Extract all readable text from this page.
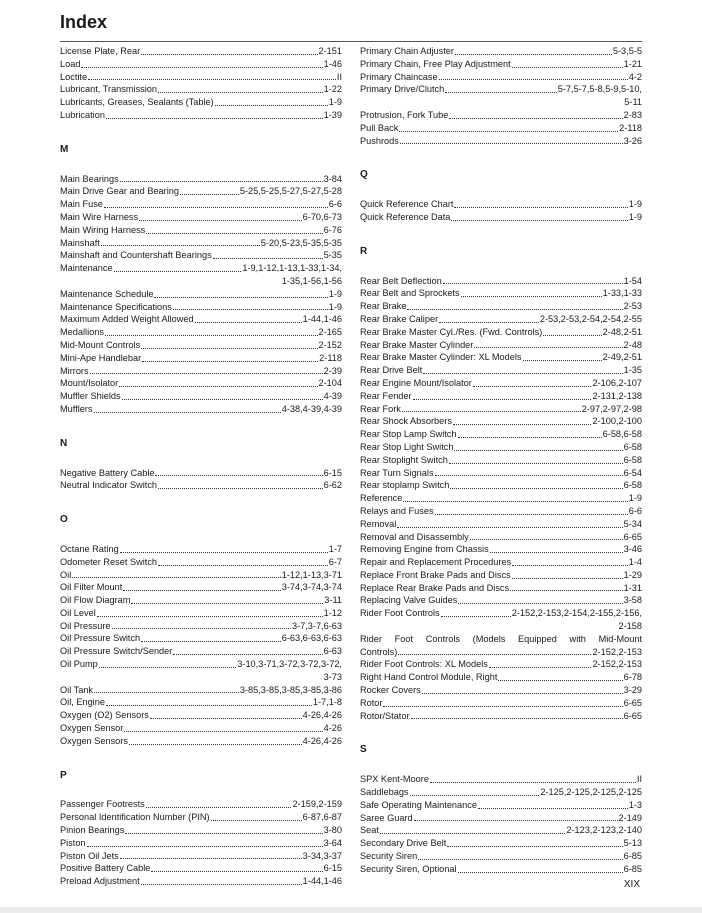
Index
License Plate, Rear	2-151
Load	1-46
Loctite	II
Lubricant, Transmission	1-22
Lubricants, Greases, Sealants (Table)	1-9
Lubrication	1-39
M
Main Bearings	3-84
Main Drive Gear and Bearing	5-25,5-25,5-27,5-27,5-28
Main Fuse	6-6
Main Wire Harness	6-70,6-73
Main Wiring Harness	6-76
Mainshaft	5-20,5-23,5-35,5-35
Mainshaft and Countershaft Bearings	5-35
Maintenance	1-9,1-12,1-13,1-33,1-34,
1-35,1-56,1-56
Maintenance Schedule	1-9
Maintenance Specifications	1-9
Maximum Added Weight Allowed	1-44,1-46
Medallions	2-165
Mid-Mount Controls	2-152
Mini-Ape Handlebar	2-118
Mirrors	2-39
Mount/Isolator	2-104
Muffler Shields	4-39
Mufflers	4-38,4-39,4-39
N
Negative Battery Cable	6-15
Neutral Indicator Switch	6-62
O
Octane Rating	1-7
Odometer Reset Switch	6-7
Oil	1-12,1-13,3-71
Oil Filter Mount	3-74,3-74,3-74
Oil Flow Diagram	3-11
Oil Level	1-12
Oil Pressure	3-7,3-7,6-63
Oil Pressure Switch	6-63,6-63,6-63
Oil Pressure Switch/Sender	6-63
Oil Pump	3-10,3-71,3-72,3-72,3-72,
3-73
Oil Tank	3-85,3-85,3-85,3-85,3-86
Oil, Engine	1-7,1-8
Oxygen (O2) Sensors	4-26,4-26
Oxygen Sensor	4-26
Oxygen Sensors	4-26,4-26
P
Passenger Footrests	2-159,2-159
Personal Identification Number (PIN)	6-87,6-87
Pinion Bearings	3-80
Piston	3-64
Piston Oil Jets	3-34,3-37
Positive Battery Cable	6-15
Preload Adjustment	1-44,1-46
Primary Chain Adjuster	5-3,5-5
Primary Chain, Free Play Adjustment	1-21
Primary Chaincase	4-2
Primary Drive/Clutch	5-7,5-7,5-8,5-9,5-10,
5-11
Protrusion, Fork Tube	2-83
Pull Back	2-118
Pushrods	3-26
Q
Quick Reference Chart	1-9
Quick Reference Data	1-9
R
Rear Belt Deflection	1-54
Rear Belt and Sprockets	1-33,1-33
Rear Brake	2-53
Rear Brake Caliper	2-53,2-53,2-54,2-54,2-55
Rear Brake Master Cyl./Res. (Fwd. Controls)	2-48,2-51
Rear Brake Master Cylinder	2-48
Rear Brake Master Cylinder: XL Models	2-49,2-51
Rear Drive Belt	1-35
Rear Engine Mount/Isolator	2-106,2-107
Rear Fender	2-131,2-138
Rear Fork	2-97,2-97,2-98
Rear Shock Absorbers	2-100,2-100
Rear Stop Lamp Switch	6-58,6-58
Rear Stop Light Switch	6-58
Rear Stoplight Switch	6-58
Rear Turn Signals	6-54
Rear stoplamp Switch	6-58
Reference	1-9
Relays and Fuses	6-6
Removal	5-34
Removal and Disassembly	6-65
Removing Engine from Chassis	3-46
Repair and Replacement Procedures	1-4
Replace Front Brake Pads and Discs	1-29
Replace Rear Brake Pads and Discs	1-31
Replacing Valve Guides	3-58
Rider Foot Controls	2-152,2-153,2-154,2-155,2-156,
2-158
Rider Foot Controls (Models Equipped with Mid-Mount
Controls)	2-152,2-153
Rider Foot Controls: XL Models	2-152,2-153
Right Hand Control Module, Right	6-78
Rocker Covers	3-29
Rotor	6-65
Rotor/Stator	6-65
S
SPX Kent-Moore	II
Saddlebags	2-125,2-125,2-125,2-125
Safe Operating Maintenance	1-3
Saree Guard	2-149
Seat	2-123,2-123,2-140
Secondary Drive Belt	5-13
Security Siren	6-85
Security Siren, Optional	6-85
XIX
